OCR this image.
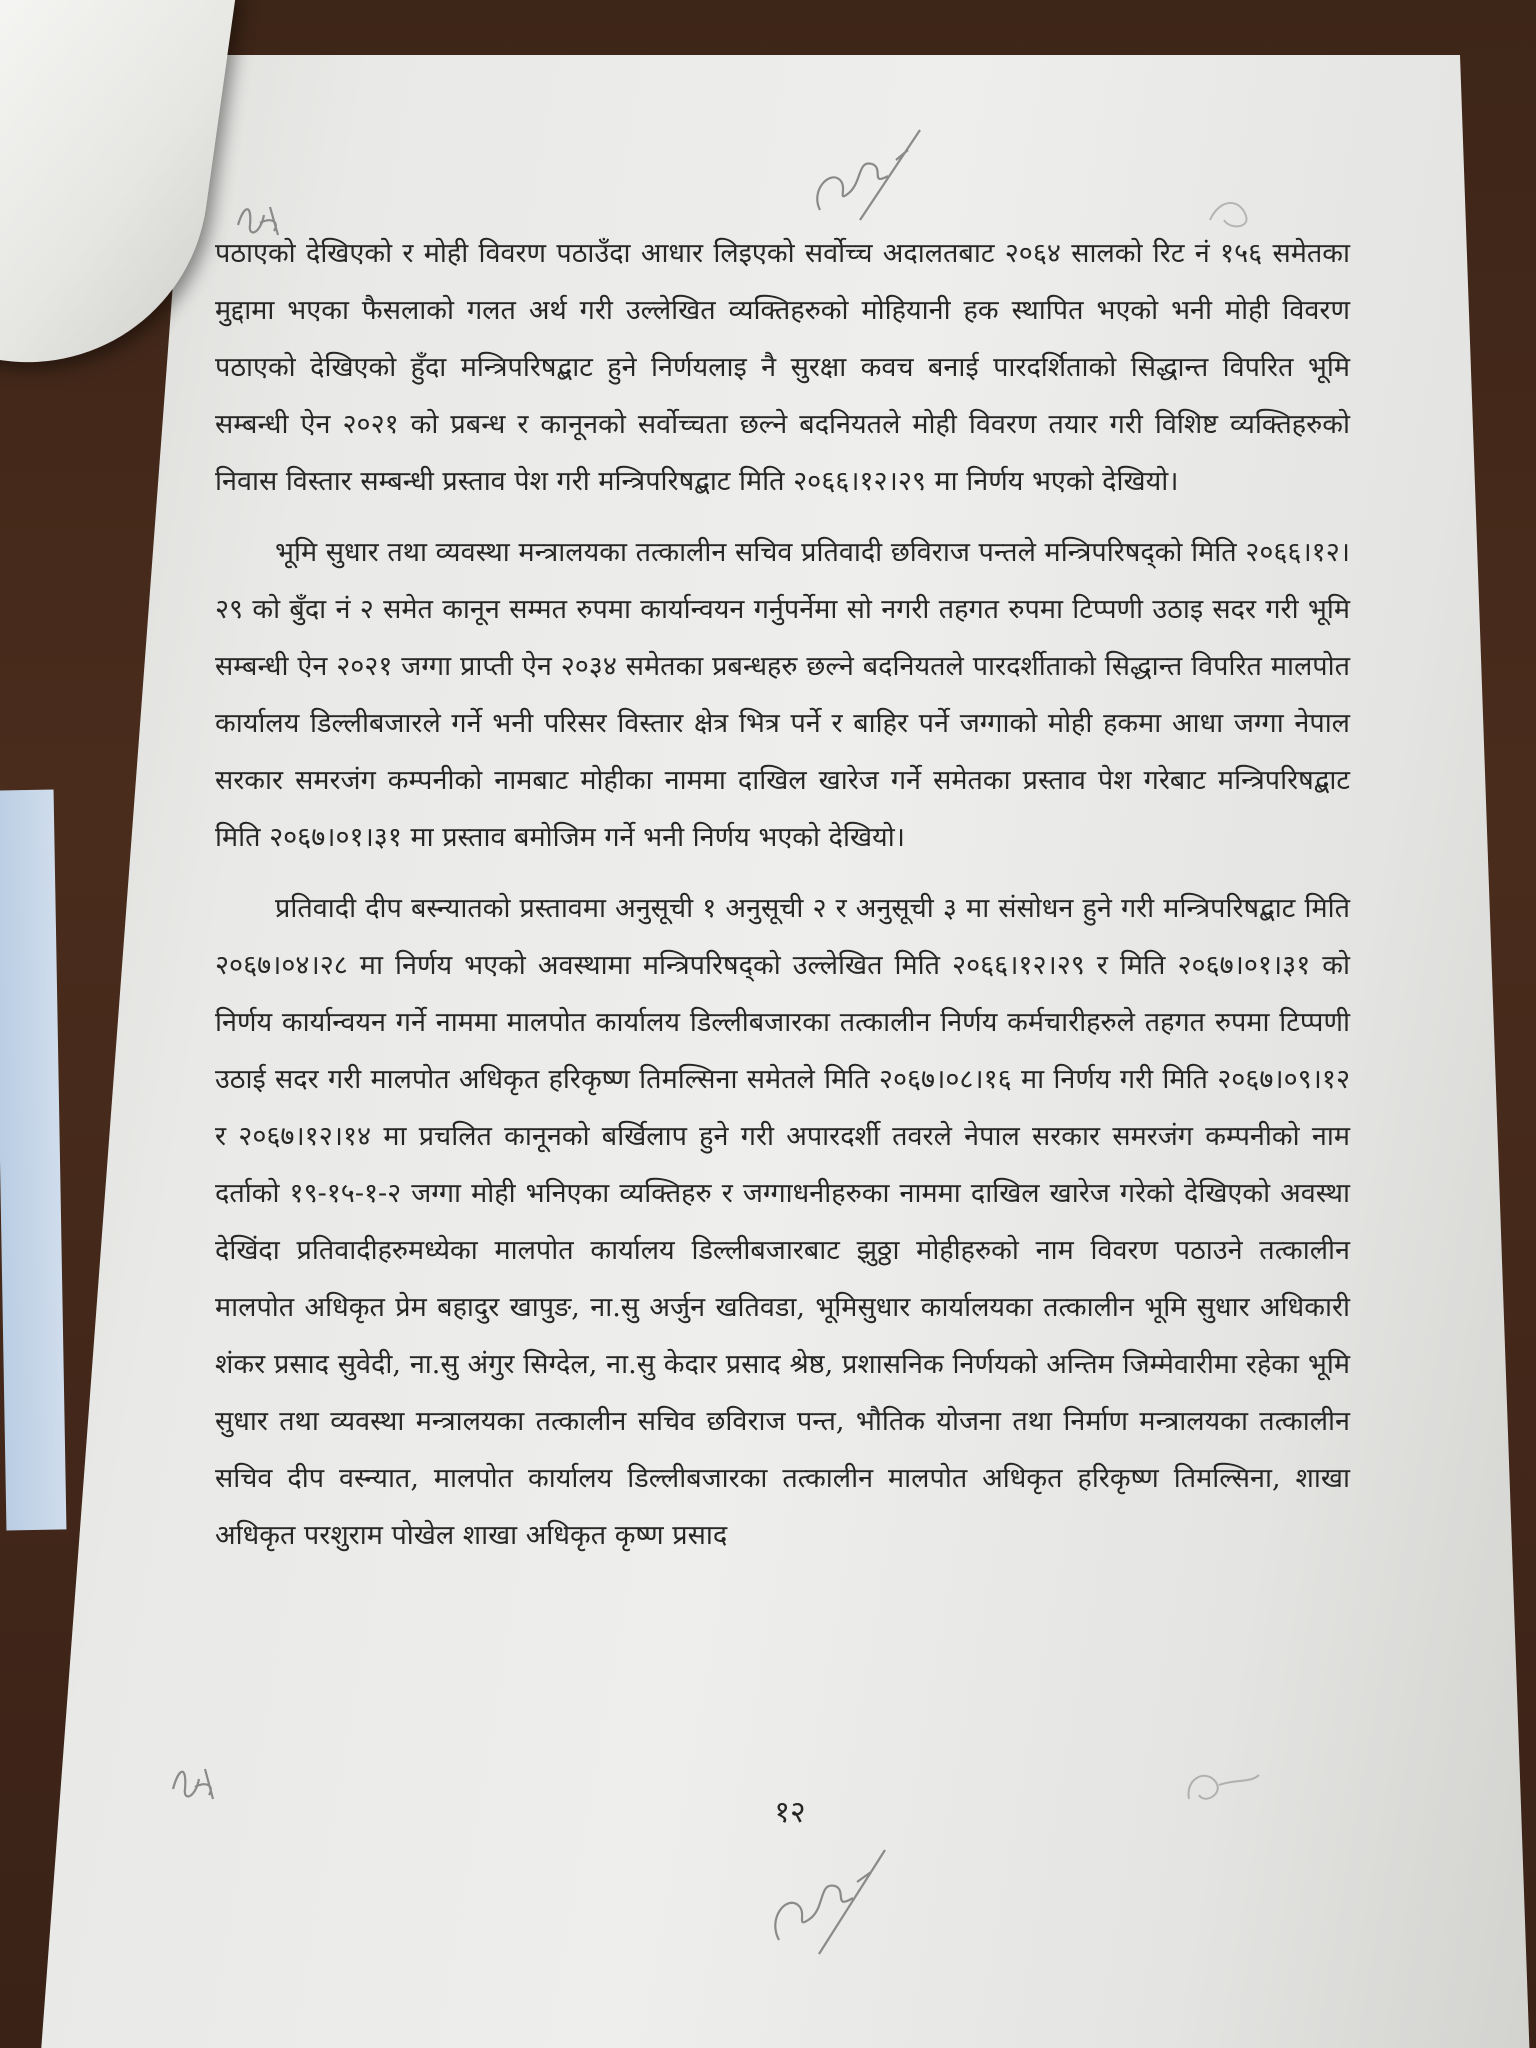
पठाएको देखिएको र मोही विवरण पठाउँदा आधार लिइएको सर्वोच्च अदालतबाट २०६४ सालको रिट नं १५६ समेतका मुद्दामा भएका फैसलाको गलत अर्थ गरी उल्लेखित व्यक्तिहरुको मोहियानी हक स्थापित भएको भनी मोही विवरण पठाएको देखिएको हुँदा मन्त्रिपरिषद्बाट हुने निर्णयलाइ नै सुरक्षा कवच बनाई पारदर्शिताको सिद्धान्त विपरित भूमि सम्बन्धी ऐन २०२१ को प्रबन्ध र कानूनको सर्वोच्चता छल्ने बदनियतले मोही विवरण तयार गरी विशिष्ट व्यक्तिहरुको निवास विस्तार सम्बन्धी प्रस्ताव पेश गरी मन्त्रिपरिषद्बाट मिति २०६६।१२।२९ मा निर्णय भएको देखियो।

भूमि सुधार तथा व्यवस्था मन्त्रालयका तत्कालीन सचिव प्रतिवादी छविराज पन्तले मन्त्रिपरिषद्को मिति २०६६।१२।२९ को बुँदा नं २ समेत कानून सम्मत रुपमा कार्यान्वयन गर्नुपर्नेमा सो नगरी तहगत रुपमा टिप्पणी उठाइ सदर गरी भूमि सम्बन्धी ऐन २०२१ जग्गा प्राप्ती ऐन २०३४ समेतका प्रबन्धहरु छल्ने बदनियतले पारदर्शीताको सिद्धान्त विपरित मालपोत कार्यालय डिल्लीबजारले गर्ने भनी परिसर विस्तार क्षेत्र भित्र पर्ने र बाहिर पर्ने जग्गाको मोही हकमा आधा जग्गा नेपाल सरकार समरजंग कम्पनीको नामबाट मोहीका नाममा दाखिल खारेज गर्ने समेतका प्रस्ताव पेश गरेबाट मन्त्रिपरिषद्बाट मिति २०६७।०१।३१ मा प्रस्ताव बमोजिम गर्ने भनी निर्णय भएको देखियो।

प्रतिवादी दीप बस्न्यातको प्रस्तावमा अनुसूची १ अनुसूची २ र अनुसूची ३ मा संसोधन हुने गरी मन्त्रिपरिषद्बाट मिति २०६७।०४।२८ मा निर्णय भएको अवस्थामा मन्त्रिपरिषद्को उल्लेखित मिति २०६६।१२।२९ र मिति २०६७।०१।३१ को निर्णय कार्यान्वयन गर्ने नाममा मालपोत कार्यालय डिल्लीबजारका तत्कालीन निर्णय कर्मचारीहरुले तहगत रुपमा टिप्पणी उठाई सदर गरी मालपोत अधिकृत हरिकृष्ण तिमल्सिना समेतले मिति २०६७।०८।१६ मा निर्णय गरी मिति २०६७।०९।१२ र २०६७।१२।१४ मा प्रचलित कानूनको बर्खिलाप हुने गरी अपारदर्शी तवरले नेपाल सरकार समरजंग कम्पनीको नाम दर्ताको १९-१५-१-२ जग्गा मोही भनिएका व्यक्तिहरु र जग्गाधनीहरुका नाममा दाखिल खारेज गरेको देखिएको अवस्था देखिंदा प्रतिवादीहरुमध्येका मालपोत कार्यालय डिल्लीबजारबाट झुठ्ठा मोहीहरुको नाम विवरण पठाउने तत्कालीन मालपोत अधिकृत प्रेम बहादुर खापुङ, ना.सु अर्जुन खतिवडा, भूमिसुधार कार्यालयका तत्कालीन भूमि सुधार अधिकारी शंकर प्रसाद सुवेदी, ना.सु अंगुर सिग्देल, ना.सु केदार प्रसाद श्रेष्ठ, प्रशासनिक निर्णयको अन्तिम जिम्मेवारीमा रहेका भूमि सुधार तथा व्यवस्था मन्त्रालयका तत्कालीन सचिव छविराज पन्त, भौतिक योजना तथा निर्माण मन्त्रालयका तत्कालीन सचिव दीप वस्न्यात, मालपोत कार्यालय डिल्लीबजारका तत्कालीन मालपोत अधिकृत हरिकृष्ण तिमल्सिना, शाखा अधिकृत परशुराम पोखेल शाखा अधिकृत कृष्ण प्रसाद

१२
